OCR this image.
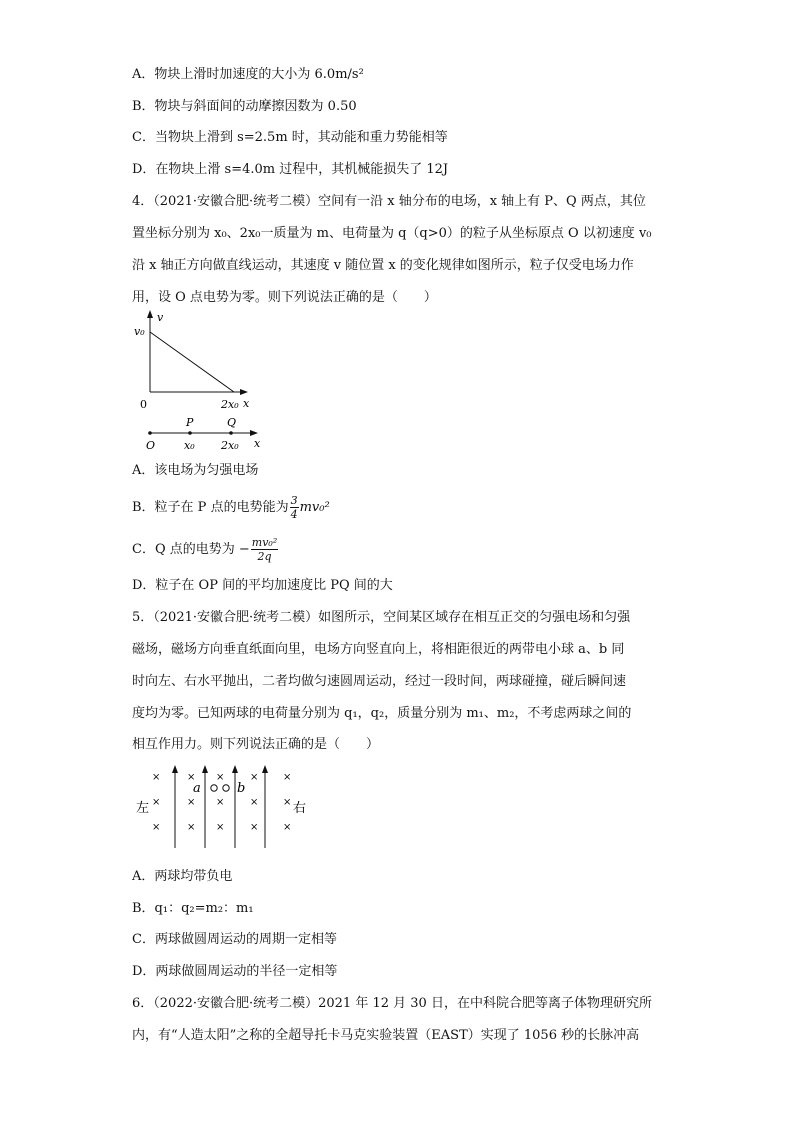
A．物块上滑时加速度的大小为 6.0m/s²
B．物块与斜面间的动摩擦因数为 0.50
C．当物块上滑到 s=2.5m 时，其动能和重力势能相等
D．在物块上滑 s=4.0m 过程中，其机械能损失了 12J
4．（2021·安徽合肥·统考二模）空间有一沿 x 轴分布的电场，x 轴上有 P、Q 两点，其位
置坐标分别为 x₀、2x₀一质量为 m、电荷量为 q（q>0）的粒子从坐标原点 O 以初速度 v₀
沿 x 轴正方向做直线运动，其速度 v 随位置 x 的变化规律如图所示，粒子仅受电场力作
用，设 O 点电势为零。则下列说法正确的是（　　）
v
v₀
0	2x₀ x
O
P	Q
x₀ 2x₀ x
A．该电场为匀强电场
B．粒子在 P 点的电势能为 $\frac{3}{4} mv_0^2$
C．Q 点的电势为 − $\frac{\text{mv₀²}}{2q}$
D．粒子在 OP 间的平均加速度比 PQ 间的大
5．（2021·安徽合肥·统考二模）如图所示，空间某区域存在相互正交的匀强电场和匀强
磁场，磁场方向垂直纸面向里，电场方向竖直向上，将相距很近的两带电小球 a、b 同
时向左、右水平抛出，二者均做匀速圆周运动，经过一段时间，两球碰撞，碰后瞬间速
度均为零。已知两球的电荷量分别为 q₁，q₂，质量分别为 m₁、m₂，不考虑两球之间的
相互作用力。则下列说法正确的是（　　）
×
×
×
×
×
×
×
×
×
×
×
×
×
×
×
a	b
左	右
A．两球均带负电
B．q₁：q₂=m₂：m₁
C．两球做圆周运动的周期一定相等
D．两球做圆周运动的半径一定相等
6．（2022·安徽合肥·统考二模）2021 年 12 月 30 日，在中科院合肥等离子体物理研究所
内，有“人造太阳”之称的全超导托卡马克实验装置（EAST）实现了 1056 秒的长脉冲高
